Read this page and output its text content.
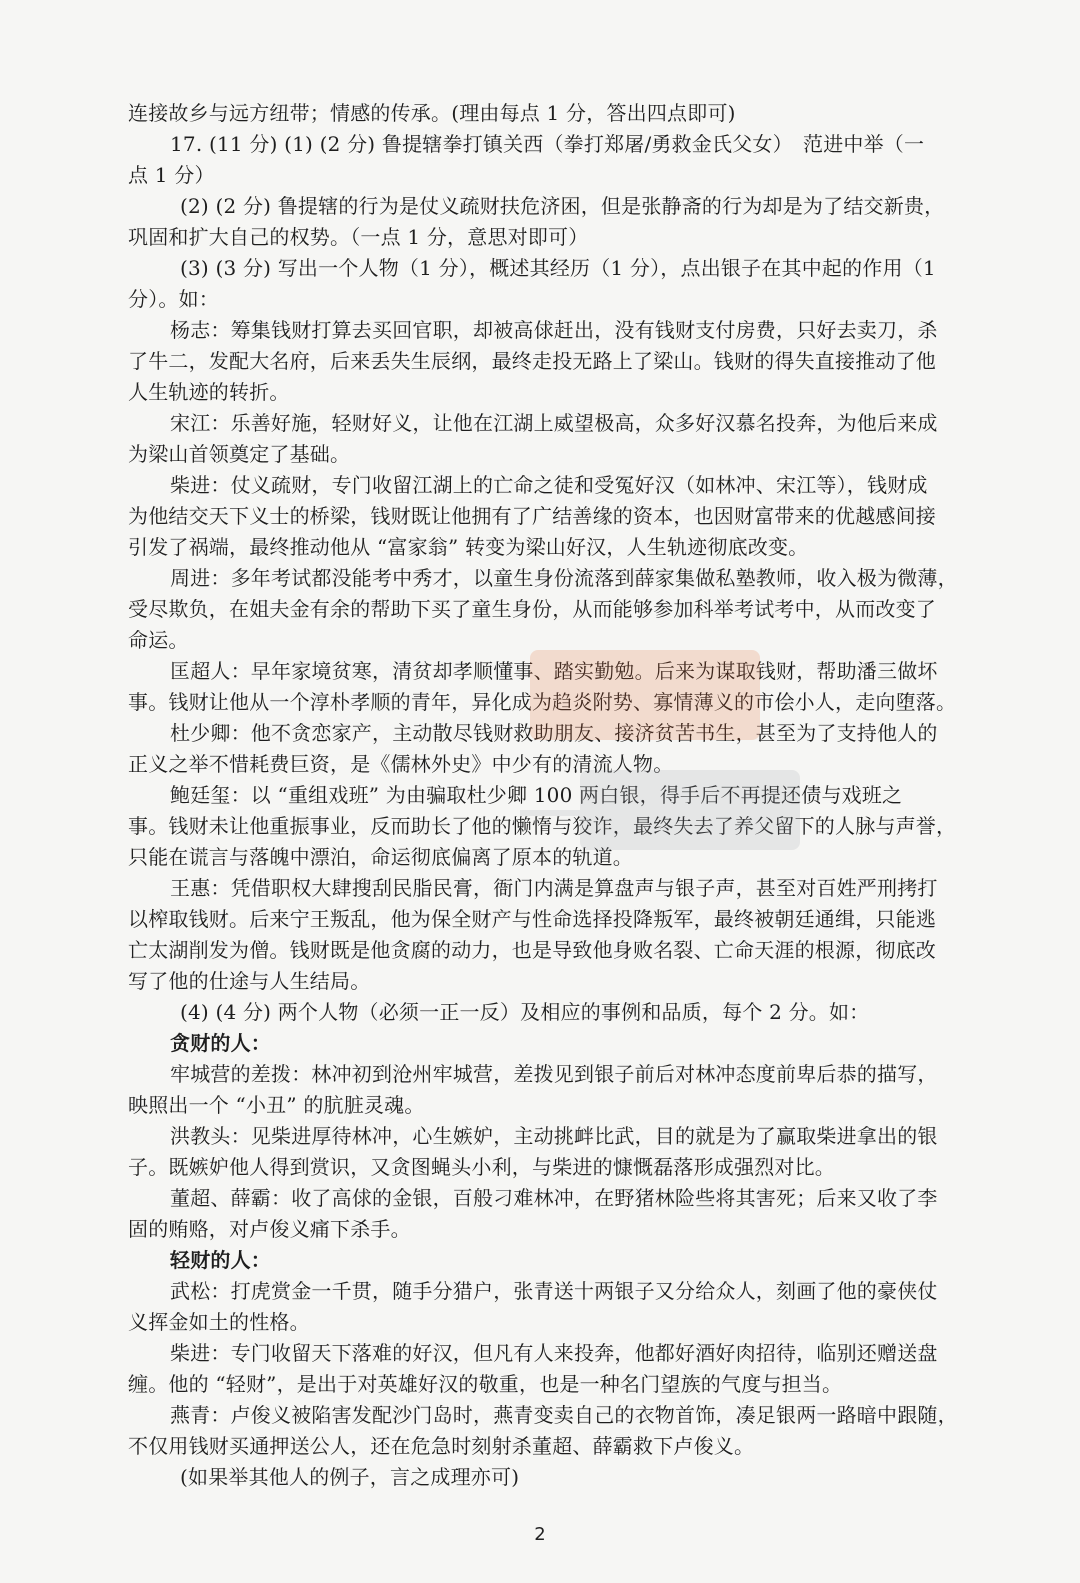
连接故乡与远方纽带；情感的传承。(理由每点 1 分，答出四点即可)
17. (11 分) (1) (2 分) 鲁提辖拳打镇关西（拳打郑屠/勇救金氏父女）　范进中举（一
点 1 分）
(2) (2 分) 鲁提辖的行为是仗义疏财扶危济困，但是张静斋的行为却是为了结交新贵，
巩固和扩大自己的权势。（一点 1 分，意思对即可）
(3) (3 分) 写出一个人物（1 分），概述其经历（1 分），点出银子在其中起的作用（1
分）。如：
杨志：筹集钱财打算去买回官职，却被高俅赶出，没有钱财支付房费，只好去卖刀，杀
了牛二，发配大名府，后来丢失生辰纲，最终走投无路上了梁山。钱财的得失直接推动了他
人生轨迹的转折。
宋江：乐善好施，轻财好义，让他在江湖上威望极高，众多好汉慕名投奔，为他后来成
为梁山首领奠定了基础。
柴进：仗义疏财，专门收留江湖上的亡命之徒和受冤好汉（如林冲、宋江等），钱财成
为他结交天下义士的桥梁，钱财既让他拥有了广结善缘的资本，也因财富带来的优越感间接
引发了祸端，最终推动他从 “富家翁” 转变为梁山好汉，人生轨迹彻底改变。
周进：多年考试都没能考中秀才，以童生身份流落到薛家集做私塾教师，收入极为微薄，
受尽欺负，在姐夫金有余的帮助下买了童生身份，从而能够参加科举考试考中，从而改变了
命运。
匡超人：早年家境贫寒，清贫却孝顺懂事、踏实勤勉。后来为谋取钱财，帮助潘三做坏
事。钱财让他从一个淳朴孝顺的青年，异化成为趋炎附势、寡情薄义的市侩小人，走向堕落。
杜少卿：他不贪恋家产，主动散尽钱财救助朋友、接济贫苦书生，甚至为了支持他人的
正义之举不惜耗费巨资，是《儒林外史》中少有的清流人物。
鲍廷玺：以 “重组戏班” 为由骗取杜少卿 100 两白银，得手后不再提还债与戏班之
事。钱财未让他重振事业，反而助长了他的懒惰与狡诈，最终失去了养父留下的人脉与声誉，
只能在谎言与落魄中漂泊，命运彻底偏离了原本的轨道。
王惠：凭借职权大肆搜刮民脂民膏，衙门内满是算盘声与银子声，甚至对百姓严刑拷打
以榨取钱财。后来宁王叛乱，他为保全财产与性命选择投降叛军，最终被朝廷通缉，只能逃
亡太湖削发为僧。钱财既是他贪腐的动力，也是导致他身败名裂、亡命天涯的根源，彻底改
写了他的仕途与人生结局。
(4) (4 分) 两个人物（必须一正一反）及相应的事例和品质，每个 2 分。如：
贪财的人：
牢城营的差拨：林冲初到沧州牢城营，差拨见到银子前后对林冲态度前卑后恭的描写，
映照出一个 “小丑” 的肮脏灵魂。
洪教头：见柴进厚待林冲，心生嫉妒，主动挑衅比武，目的就是为了赢取柴进拿出的银
子。既嫉妒他人得到赏识，又贪图蝇头小利，与柴进的慷慨磊落形成强烈对比。
董超、薛霸：收了高俅的金银，百般刁难林冲，在野猪林险些将其害死；后来又收了李
固的贿赂，对卢俊义痛下杀手。
轻财的人：
武松：打虎赏金一千贯，随手分猎户，张青送十两银子又分给众人，刻画了他的豪侠仗
义挥金如土的性格。
柴进：专门收留天下落难的好汉，但凡有人来投奔，他都好酒好肉招待，临别还赠送盘
缠。他的 “轻财”，是出于对英雄好汉的敬重，也是一种名门望族的气度与担当。
燕青：卢俊义被陷害发配沙门岛时，燕青变卖自己的衣物首饰，凑足银两一路暗中跟随，
不仅用钱财买通押送公人，还在危急时刻射杀董超、薛霸救下卢俊义。
(如果举其他人的例子，言之成理亦可)
2
